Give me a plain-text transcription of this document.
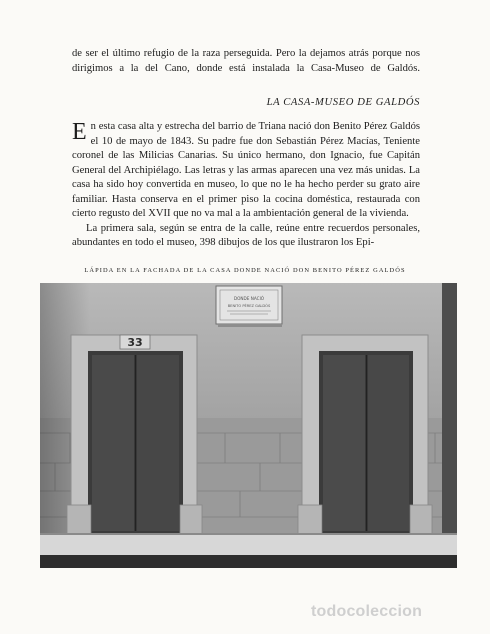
de ser el último refugio de la raza perseguida. Pero la dejamos atrás porque nos dirigimos a la del Cano, donde está instalada la Casa-Museo de Galdós.

LA CASA-MUSEO DE GALDÓS

En esta casa alta y estrecha del barrio de Triana nació don Benito Pérez Galdós el 10 de mayo de 1843. Su padre fue don Sebastián Pérez Macías, Teniente coronel de las Milicias Canarias. Su único hermano, don Ignacio, fue Capitán General del Archipiélago. Las letras y las armas aparecen una vez más unidas. La casa ha sido hoy convertida en museo, lo que no le ha hecho perder su grato aire familiar. Hasta conserva en el primer piso la cocina doméstica, restaurada con cierto regusto del XVII que no va mal a la ambientación general de la vivienda.

La primera sala, según se entra de la calle, reúne entre recuerdos personales, abundantes en todo el museo, 398 dibujos de los que ilustraron los Epi-

LÁPIDA EN LA FACHADA DE LA CASA DONDE NACIÓ DON BENITO PÉREZ GALDÓS

33
DONDE NACIÓ
BENITO PÉREZ GALDÓS
todocoleccion
